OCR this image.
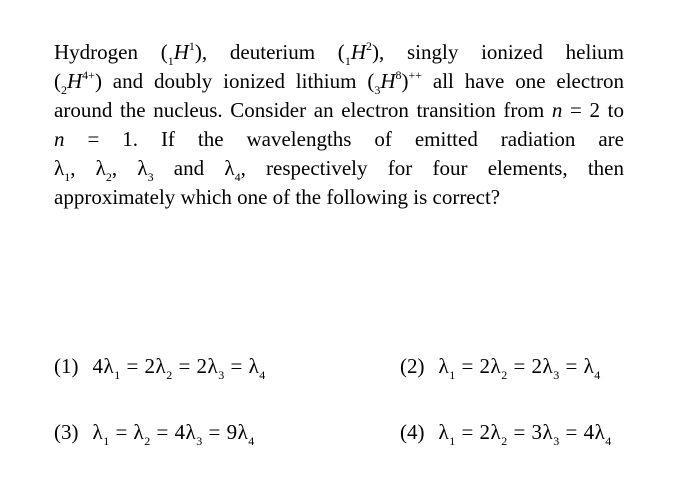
Hydrogen $(_1H^1)$, deuterium $(_1H^2)$, singly ionized helium
$(_2H^{4+})$ and doubly ionized lithium $(_3H^8)^{++}$ all have one electron
around the nucleus. Consider an electron transition from n = 2 to
n = 1. If the wavelengths of emitted radiation are
$\lambda_1$, $\lambda_2$, $\lambda_3$ and $\lambda_4$, respectively for four elements, then
approximately which one of the following is correct?
(1) $4\lambda_1 = 2\lambda_2 = 2\lambda_3 = \lambda_4$	(2) $\lambda_1 = 2\lambda_2 = 2\lambda_3 = \lambda_4$
(3) $\lambda_1 = \lambda_2 = 4\lambda_3 = 9\lambda_4$	(4) $\lambda_1 = 2\lambda_2 = 3\lambda_3 = 4\lambda_4$
